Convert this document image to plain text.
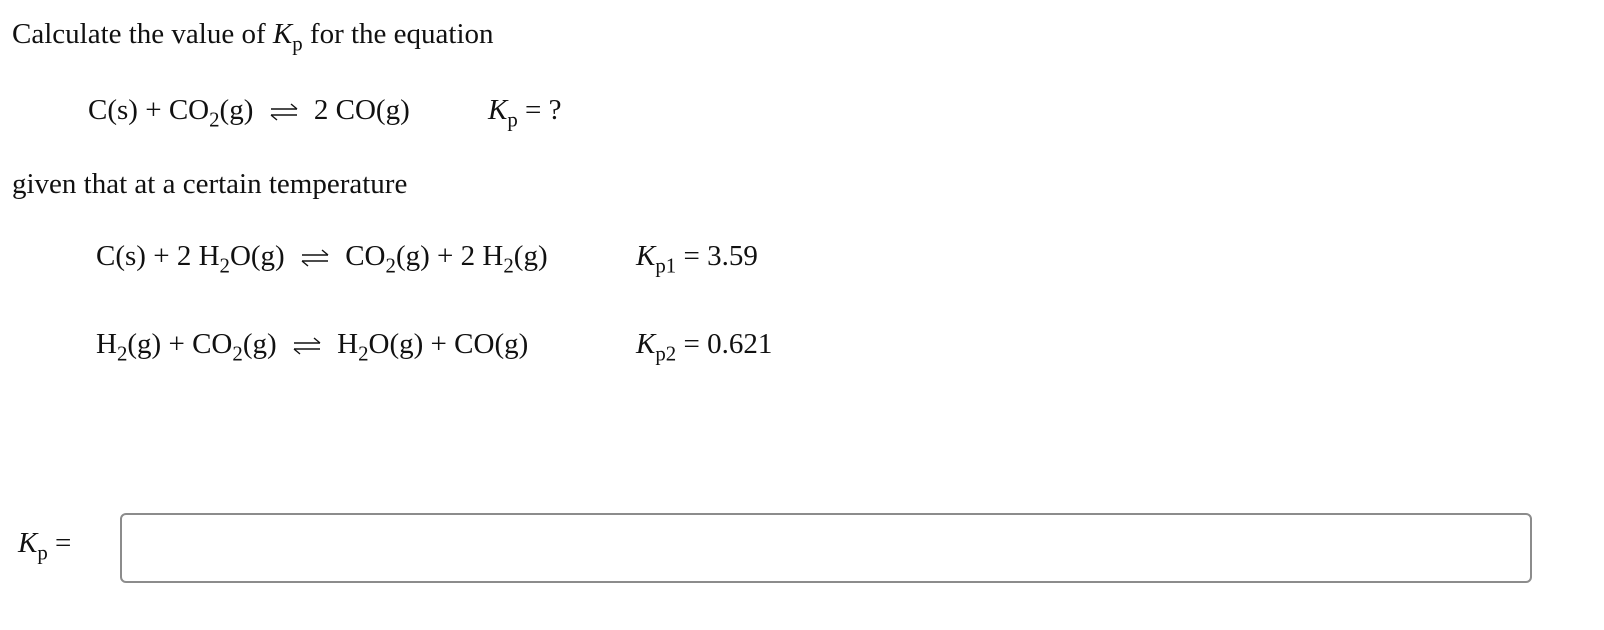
Calculate the value of $K_p$ for the equation
$C(s) + CO_2(g)$ ⇌ 2 CO(g)	$K_p$ = ?
given that at a certain temperature
C(s) + 2 $H_2O(g)$ ⇌ $CO_2(g) + 2$ $H_2(g)$	$K_{p1} = 3.59$
$H_2(g) + CO_2(g)$ ⇌ $H_2O(g) + CO(g)$	$K_{p2} = 0.621$
$K_p$ =
